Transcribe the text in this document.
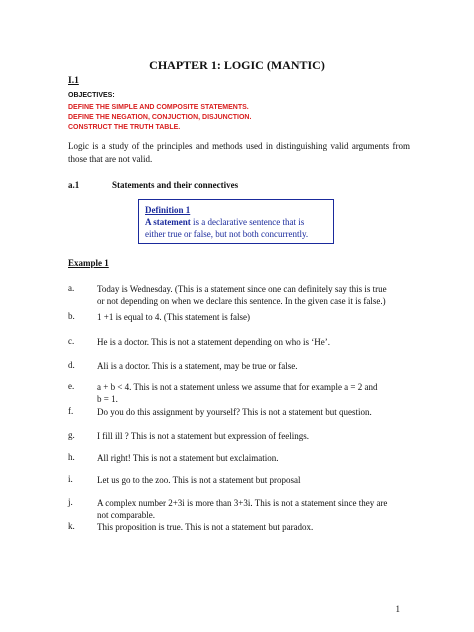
CHAPTER 1: LOGIC (MANTIC)
I.1
OBJECTIVES:
DEFINE THE SIMPLE AND COMPOSITE STATEMENTS.
DEFINE THE NEGATION, CONJUCTION, DISJUNCTION.
CONSTRUCT THE TRUTH TABLE.
Logic is a study of the principles and methods used in distinguishing valid arguments from those that are not valid.
a.1	Statements and their connectives
Definition 1
A statement is a declarative sentence that is
either true or false, but not both concurrently.
Example 1
a.	Today is Wednesday. (This is a statement since one can definitely say this is true
or not depending on when we declare this sentence. In the given case it is false.)
b. 1 +1 is equal to 4. (This statement is false)
c.	He is a doctor. This is not a statement depending on who is ‘He’.
d. Ali is a doctor. This is a statement, may be true or false.
e.	a + b < 4. This is not a statement unless we assume that for example a = 2 and
b = 1.
f.	Do you do this assignment by yourself? This is not a statement but question.
g. I fill ill ? This is not a statement but expression of feelings.
h. All right! This is not a statement but exclaimation.
i.	Let us go to the zoo. This is not a statement but proposal
j.	A complex number 2+3i is more than 3+3i. This is not a statement since they are
not comparable.
k. This proposition is true. This is not a statement but paradox.
1
